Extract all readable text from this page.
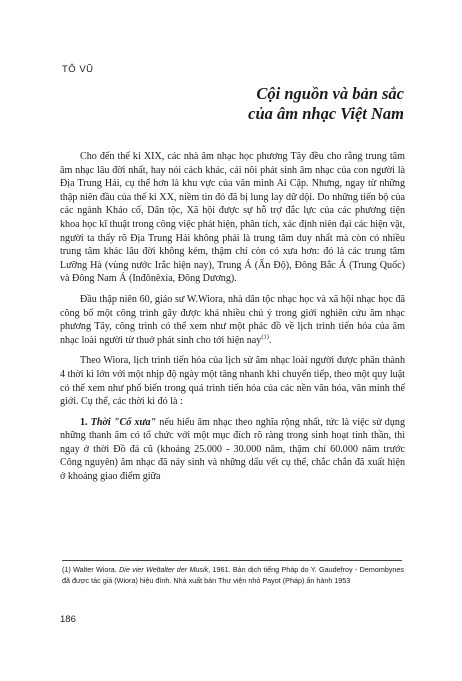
TÔ VŨ
Cội nguồn và bản sắc
của âm nhạc Việt Nam

Cho đến thế kỉ XIX, các nhà âm nhạc học phương Tây đều cho rằng trung tâm âm nhạc lâu đời nhất, hay nói cách khác, cái nôi phát sinh âm nhạc của con người là Địa Trung Hải, cụ thể hơn là khu vực của văn minh Ai Cập. Nhưng, ngay từ những thập niên đầu của thế kỉ XX, niềm tin đó đã bị lung lay dữ dội. Do những tiến bộ của các ngành Khảo cổ, Dân tộc, Xã hội được sự hỗ trợ đắc lực của các phương tiện khoa học kĩ thuật trong công việc phát hiện, phân tích, xác định niên đại các hiện vật, người ta thấy rõ Địa Trung Hải không phải là trung tâm duy nhất mà còn có nhiều trung tâm khác lâu đời không kém, thậm chí còn có xưa hơn: đó là các trung tâm Lưỡng Hà (vùng nước Irắc hiện nay), Trung Á (Ấn Độ), Đông Bắc Á (Trung Quốc) và Đông Nam Á (Inđônêxia, Đông Dương).

Đầu thập niên 60, giáo sư W.Wiora, nhà dân tộc nhạc học và xã hội nhạc học đã công bố một công trình gây được khá nhiều chú ý trong giới nghiên cứu âm nhạc phương Tây, công trình có thể xem như một phác đồ về lịch trình tiến hóa của âm nhạc loài người từ thuở phát sinh cho tới hiện nay$^{(1)}$.

Theo Wiora, lịch trình tiến hóa của lịch sử âm nhạc loài người được phân thành 4 thời kì lớn với một nhịp độ ngày một tăng nhanh khi chuyển tiếp, theo một quy luật có thể xem như phổ biến trong quá trình tiến hóa của các nền văn hóa, văn minh thế giới. Cụ thể, các thời kì đó là :

1. Thời "Cổ xưa" nếu hiểu âm nhạc theo nghĩa rộng nhất, tức là việc sử dụng những thanh âm có tổ chức với một mục đích rõ ràng trong sinh hoạt tinh thần, thì ngay ở thời Đồ đá cũ (khoảng 25.000 - 30.000 năm, thậm chí 60.000 năm trước Công nguyên) âm nhạc đã nảy sinh và những dấu vết cụ thể, chắc chắn đã xuất hiện ở khoảng giao điểm giữa

(1) Walter Wiora. Die vier Weltalter der Musik, 1961. Bản dịch tiếng Pháp do Y. Gaudefroy - Demombynes đã được tác giả (Wiora) hiệu đính. Nhà xuất bản Thư viện nhỏ Payot (Pháp) ấn hành 1953
186
